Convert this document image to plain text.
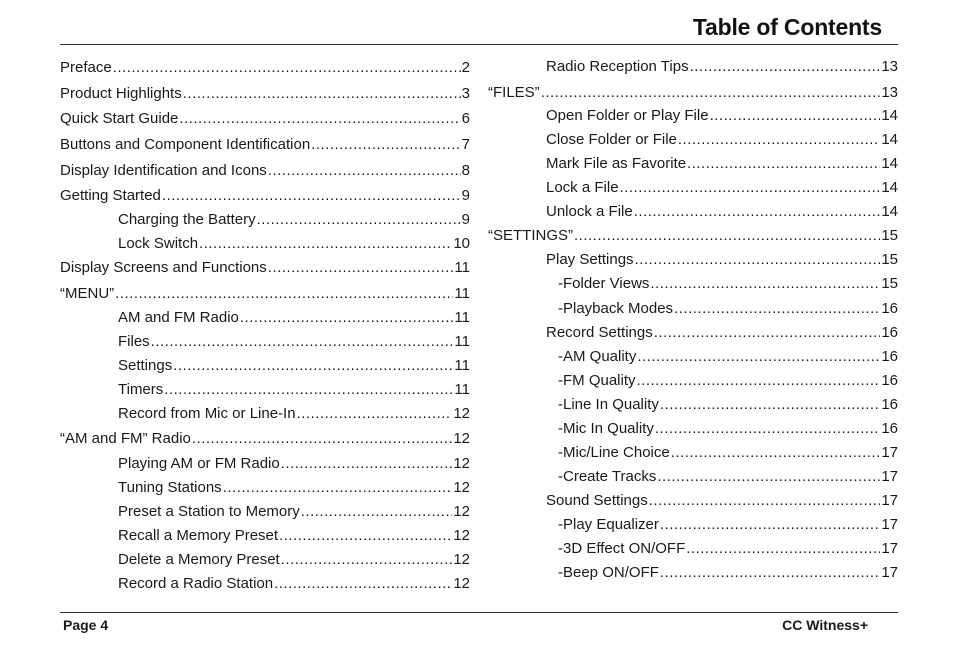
Table of Contents
Preface .....	2
Product Highlights .....	3
Quick Start Guide .....	6
Buttons and Component Identification .....	7
Display Identification and Icons .....	8
Getting Started .....	9
Charging the Battery .....	9
Lock Switch .....	10
Display Screens and Functions .....	11
“MENU” .....	11
AM and FM Radio .....	11
Files .....	11
Settings .....	11
Timers .....	11
Record from Mic or Line-In .....	12
“AM and FM” Radio .....	12
Playing AM or FM Radio .....	12
Tuning Stations .....	12
Preset a Station to Memory .....	12
Recall a Memory Preset .....	12
Delete a Memory Preset .....	12
Record a Radio Station .....	12
Radio Reception Tips .....	13
“FILES” .....	13
Open Folder or Play File .....	14
Close Folder or File .....	14
Mark File as Favorite .....	14
Lock a File .....	14
Unlock a File .....	14
“SETTINGS” .....	15
Play Settings .....	15
-Folder Views .....	15
-Playback Modes .....	16
Record Settings .....	16
-AM Quality .....	16
-FM Quality .....	16
-Line In Quality .....	16
-Mic In Quality .....	16
-Mic/Line Choice .....	17
-Create Tracks .....	17
Sound Settings .....	17
-Play Equalizer .....	17
-3D Effect ON/OFF .....	17
-Beep ON/OFF .....	17
Page 4	CC Witness+
